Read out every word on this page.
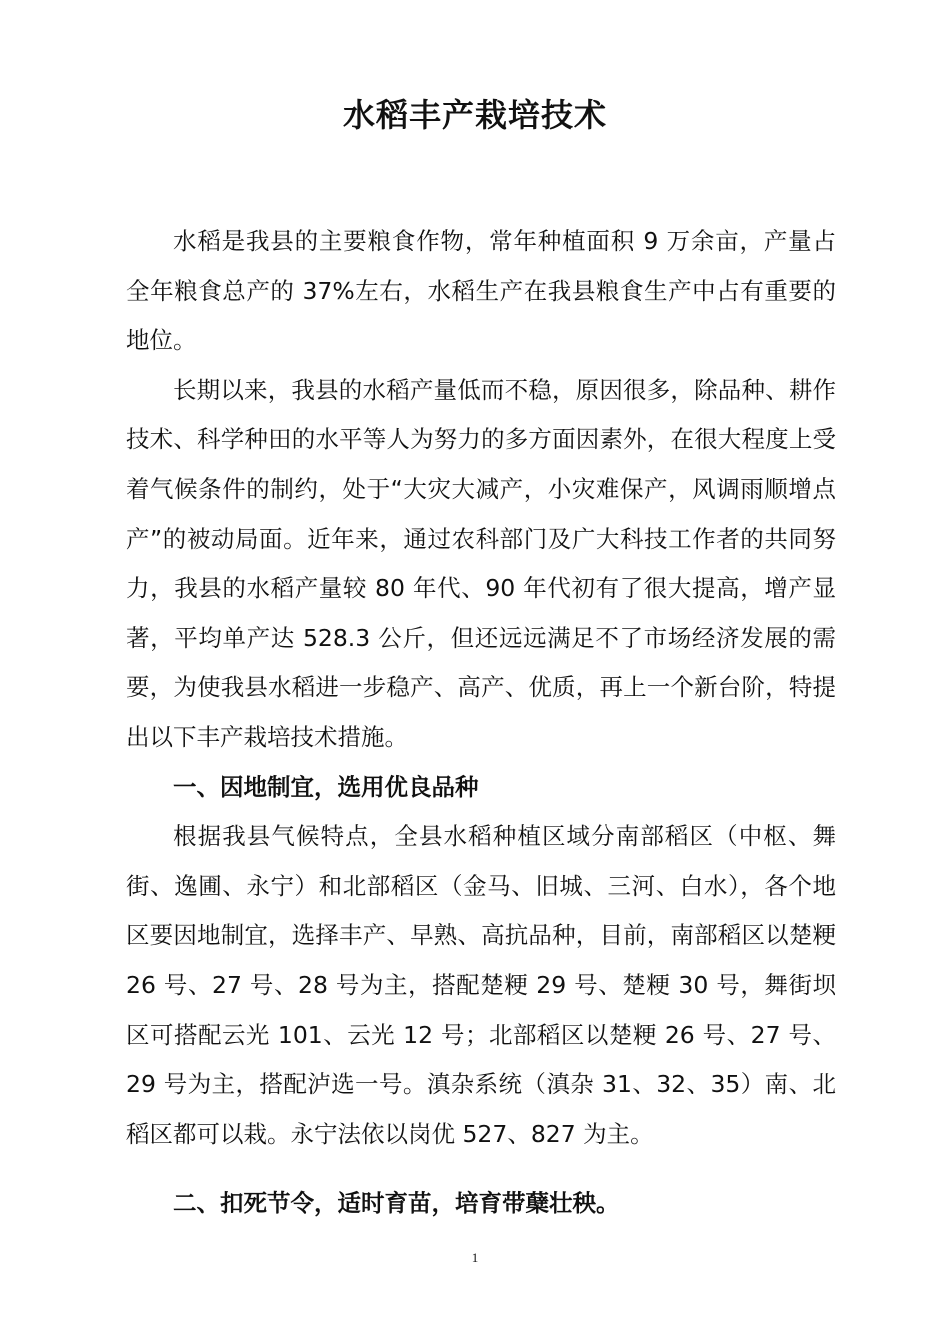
水稻丰产栽培技术

水稻是我县的主要粮食作物，常年种植面积 9 万余亩，产量占全年粮食总产的 37%左右，水稻生产在我县粮食生产中占有重要的地位。

长期以来，我县的水稻产量低而不稳，原因很多，除品种、耕作技术、科学种田的水平等人为努力的多方面因素外，在很大程度上受着气候条件的制约，处于“大灾大减产，小灾难保产，风调雨顺增点产”的被动局面。近年来，通过农科部门及广大科技工作者的共同努力，我县的水稻产量较 80 年代、90 年代初有了很大提高，增产显著，平均单产达 528.3 公斤，但还远远满足不了市场经济发展的需要，为使我县水稻进一步稳产、高产、优质，再上一个新台阶，特提出以下丰产栽培技术措施。

一、因地制宜，选用优良品种

根据我县气候特点，全县水稻种植区域分南部稻区（中枢、舞街、逸圃、永宁）和北部稻区（金马、旧城、三河、白水），各个地区要因地制宜，选择丰产、早熟、高抗品种，目前，南部稻区以楚粳 26 号、27 号、28 号为主，搭配楚粳 29 号、楚粳 30 号，舞街坝区可搭配云光 101、云光 12 号；北部稻区以楚粳 26 号、27 号、29 号为主，搭配泸选一号。滇杂系统（滇杂 31、32、35）南、北稻区都可以栽。永宁法依以岗优 527、827 为主。

二、扣死节令，适时育苗，培育带蘖壮秧。

1
